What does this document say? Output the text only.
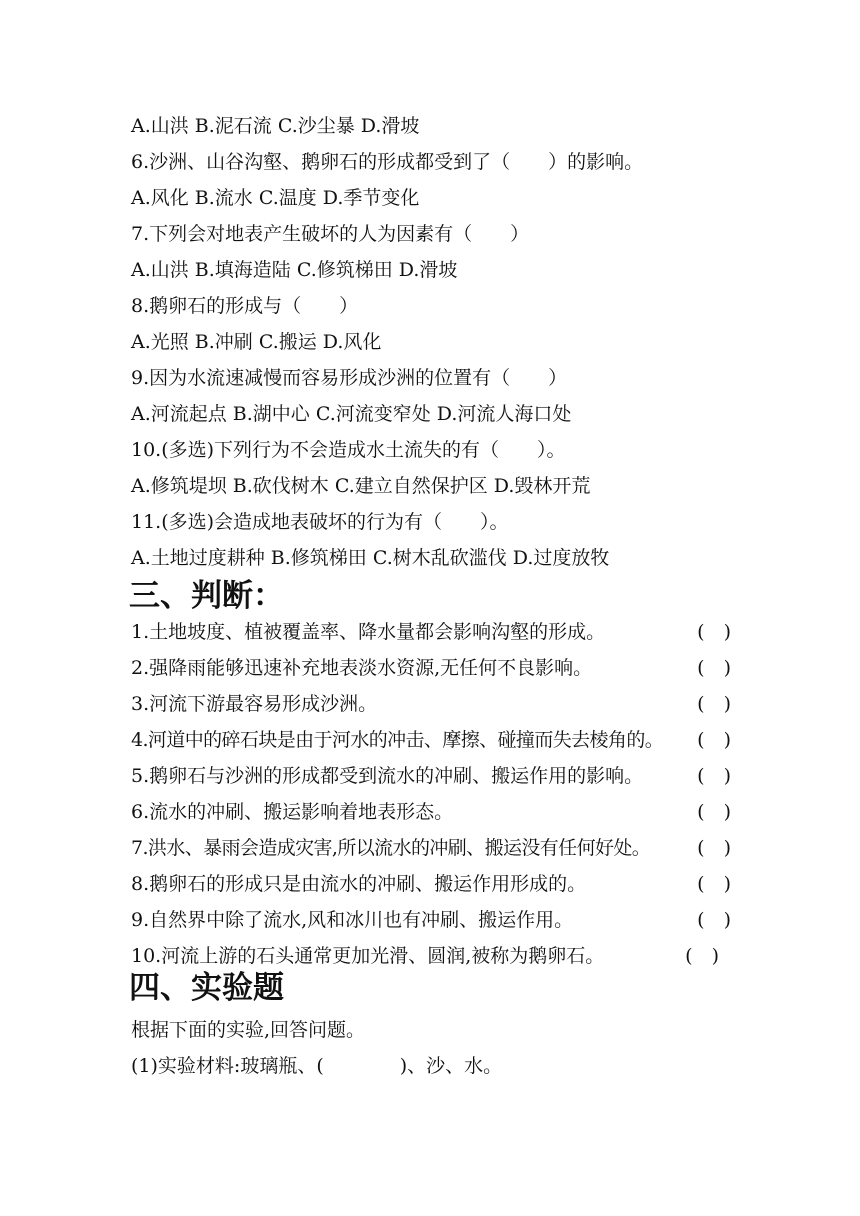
A.山洪 B.泥石流 C.沙尘暴 D.滑坡
6.沙洲、山谷沟壑、鹅卵石的形成都受到了（　　）的影响。
A.风化 B.流水 C.温度 D.季节变化
7.下列会对地表产生破坏的人为因素有（　　）
A.山洪 B.填海造陆 C.修筑梯田 D.滑坡
8.鹅卵石的形成与（　　）
A.光照 B.冲刷 C.搬运 D.风化
9.因为水流速减慢而容易形成沙洲的位置有（　　）
A.河流起点 B.湖中心 C.河流变窄处 D.河流人海口处
10.(多选)下列行为不会造成水土流失的有（　　）。
A.修筑堤坝 B.砍伐树木 C.建立自然保护区 D.毁林开荒
11.(多选)会造成地表破坏的行为有（　　）。
A.土地过度耕种 B.修筑梯田 C.树木乱砍滥伐 D.过度放牧
三、判断：
1.土地坡度、植被覆盖率、降水量都会影响沟壑的形成。	(　)
2.强降雨能够迅速补充地表淡水资源,无任何不良影响。	(　)
3.河流下游最容易形成沙洲。	(　)
4.河道中的碎石块是由于河水的冲击、摩擦、碰撞而失去棱角的。 (　)
5.鹅卵石与沙洲的形成都受到流水的冲刷、搬运作用的影响。	(　)
6.流水的冲刷、搬运影响着地表形态。	(　)
7.洪水、暴雨会造成灾害,所以流水的冲刷、搬运没有任何好处。 (　)
8.鹅卵石的形成只是由流水的冲刷、搬运作用形成的。	(　)
9.自然界中除了流水,风和冰川也有冲刷、搬运作用。	(　)
10.河流上游的石头通常更加光滑、圆润,被称为鹅卵石。	(　)
四、实验题
根据下面的实验,回答问题。
(1)实验材料:玻璃瓶、(　　　　)、沙、水。
